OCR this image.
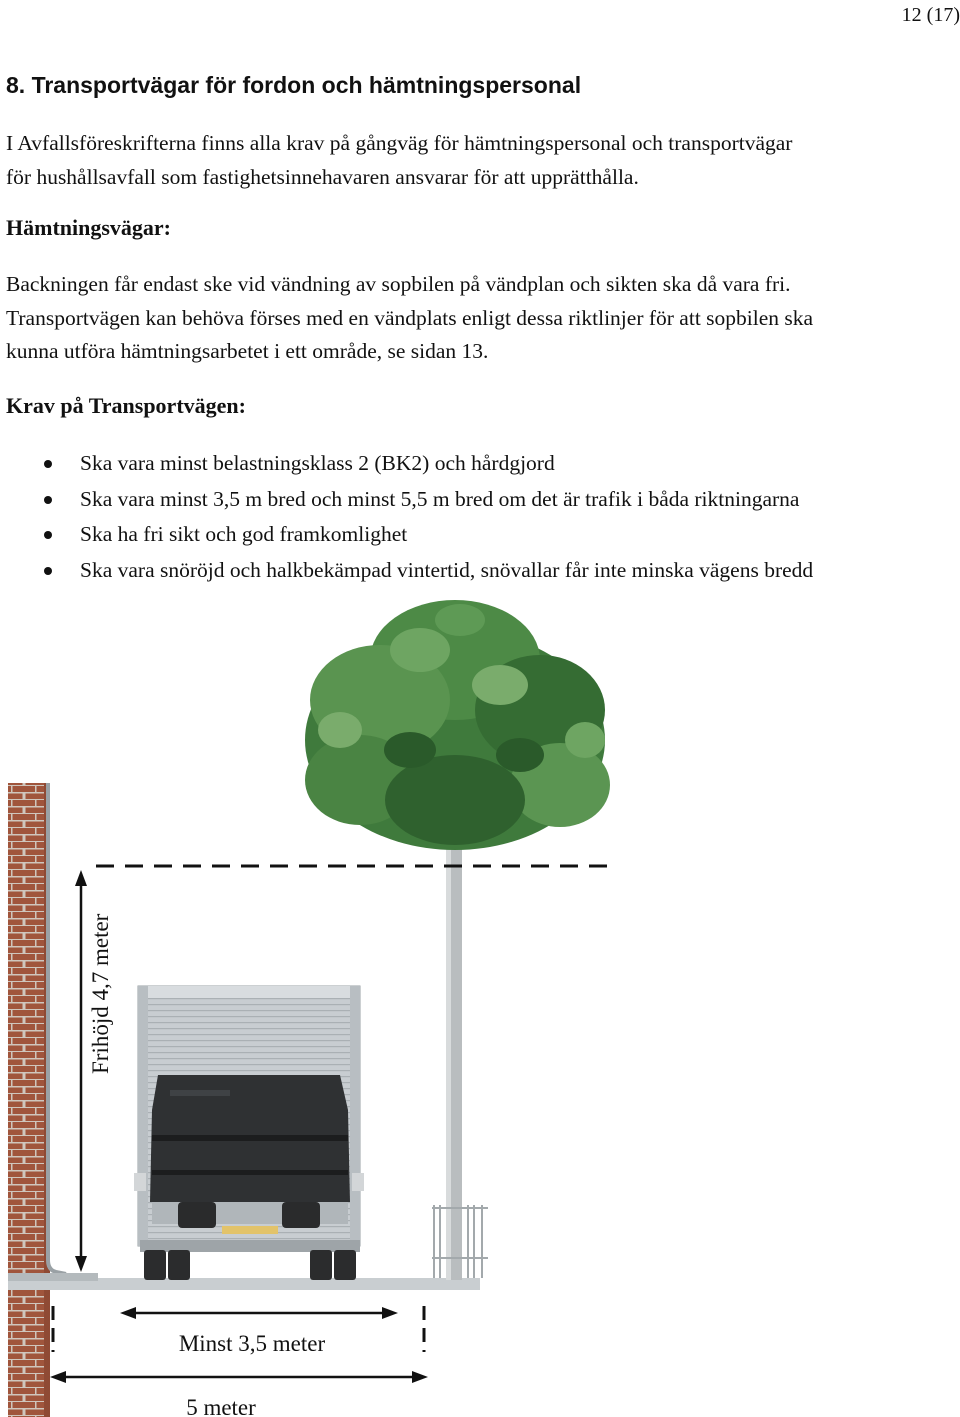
12 (17)
8. Transportvägar för fordon och hämtningspersonal
I Avfallsföreskrifterna finns alla krav på gångväg för hämtningspersonal och transportvägar
för hushållsavfall som fastighetsinnehavaren ansvarar för att upprätthålla.
Hämtningsvägar:
Backningen får endast ske vid vändning av sopbilen på vändplan och sikten ska då vara fri.
Transportvägen kan behöva förses med en vändplats enligt dessa riktlinjer för att sopbilen ska
kunna utföra hämtningsarbetet i ett område, se sidan 13.
Krav på Transportvägen:
Ska vara minst belastningsklass 2 (BK2) och hårdgjord
Ska vara minst 3,5 m bred och minst 5,5 m bred om det är trafik i båda riktningarna
Ska ha fri sikt och god framkomlighet
Ska vara snöröjd och halkbekämpad vintertid, snövallar får inte minska vägens bredd
Frihöjd 4,7 meter
Minst 3,5 meter
5 meter
